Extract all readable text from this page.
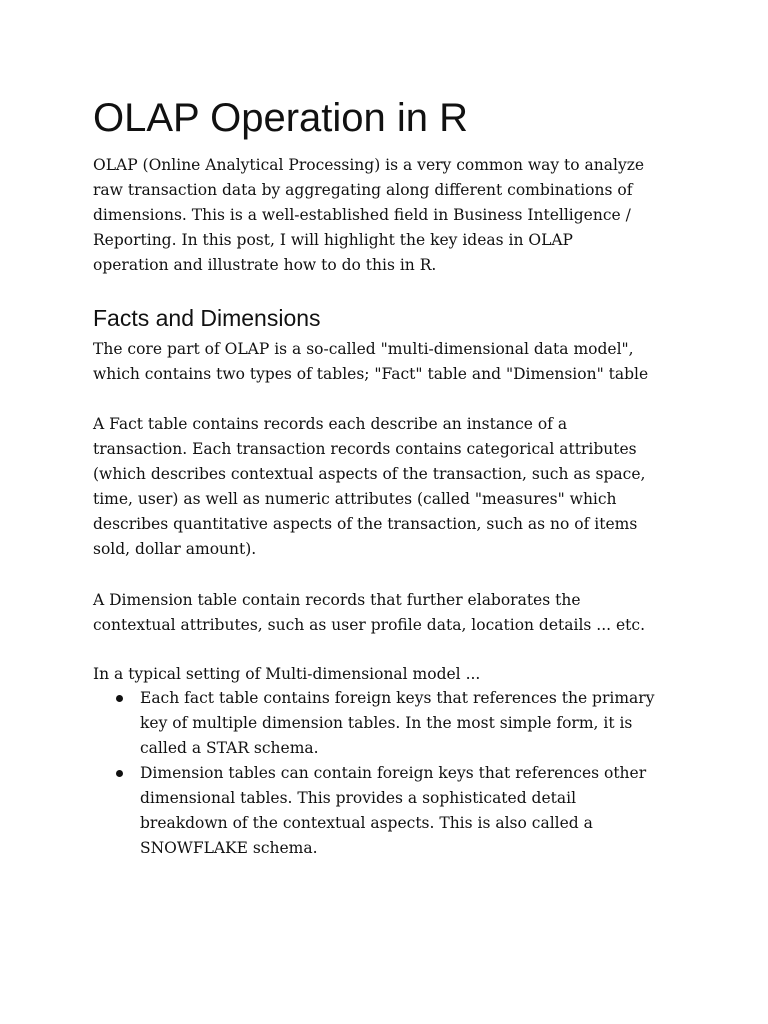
OLAP Operation in R

OLAP (Online Analytical Processing) is a very common way to analyze
raw transaction data by aggregating along different combinations of
dimensions. This is a well-established field in Business Intelligence /
Reporting. In this post, I will highlight the key ideas in OLAP
operation and illustrate how to do this in R.

Facts and Dimensions

The core part of OLAP is a so-called "multi-dimensional data model",
which contains two types of tables; "Fact" table and "Dimension" table

A Fact table contains records each describe an instance of a
transaction. Each transaction records contains categorical attributes
(which describes contextual aspects of the transaction, such as space,
time, user) as well as numeric attributes (called "measures" which
describes quantitative aspects of the transaction, such as no of items
sold, dollar amount).

A Dimension table contain records that further elaborates the
contextual attributes, such as user profile data, location details ... etc.

In a typical setting of Multi-dimensional model ...

Each fact table contains foreign keys that references the primary
key of multiple dimension tables. In the most simple form, it is
called a STAR schema.
Dimension tables can contain foreign keys that references other
dimensional tables. This provides a sophisticated detail
breakdown of the contextual aspects. This is also called a
SNOWFLAKE schema.
